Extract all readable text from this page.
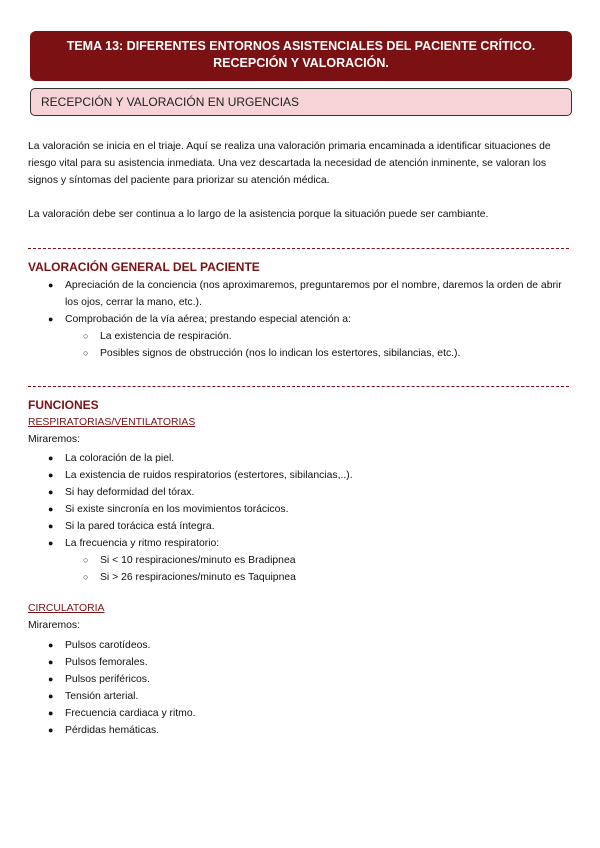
TEMA 13: DIFERENTES ENTORNOS ASISTENCIALES DEL PACIENTE CRÍTICO.
RECEPCIÓN Y VALORACIÓN.
RECEPCIÓN Y VALORACIÓN EN URGENCIAS
La valoración se inicia en el triaje. Aquí se realiza una valoración primaria encaminada a identificar situaciones de riesgo vital para su asistencia inmediata. Una vez descartada la necesidad de atención inminente, se valoran los signos y síntomas del paciente para priorizar su atención médica.
La valoración debe ser continua a lo largo de la asistencia porque la situación puede ser cambiante.
VALORACIÓN GENERAL DEL PACIENTE
● Apreciación de la conciencia (nos aproximaremos, preguntaremos por el nombre, daremos la orden de abrir los ojos, cerrar la mano, etc.).
● Comprobación de la vía aérea; prestando especial atención a:
○ La existencia de respiración.
○ Posibles signos de obstrucción (nos lo indican los estertores, sibilancias, etc.).
FUNCIONES
RESPIRATORIAS/VENTILATORIAS
Miraremos:
● La coloración de la piel.
● La existencia de ruidos respiratorios (estertores, sibilancias,..).
● Si hay deformidad del tórax.
● Si existe sincronía en los movimientos torácicos.
● Si la pared torácica está íntegra.
● La frecuencia y ritmo respiratorio:
○ Si < 10 respiraciones/minuto es Bradipnea
○ Si > 26 respiraciones/minuto es Taquipnea
CIRCULATORIA
Miraremos:
● Pulsos carotídeos.
● Pulsos femorales.
● Pulsos periféricos.
● Tensión arterial.
● Frecuencia cardiaca y ritmo.
● Pérdidas hemáticas.
